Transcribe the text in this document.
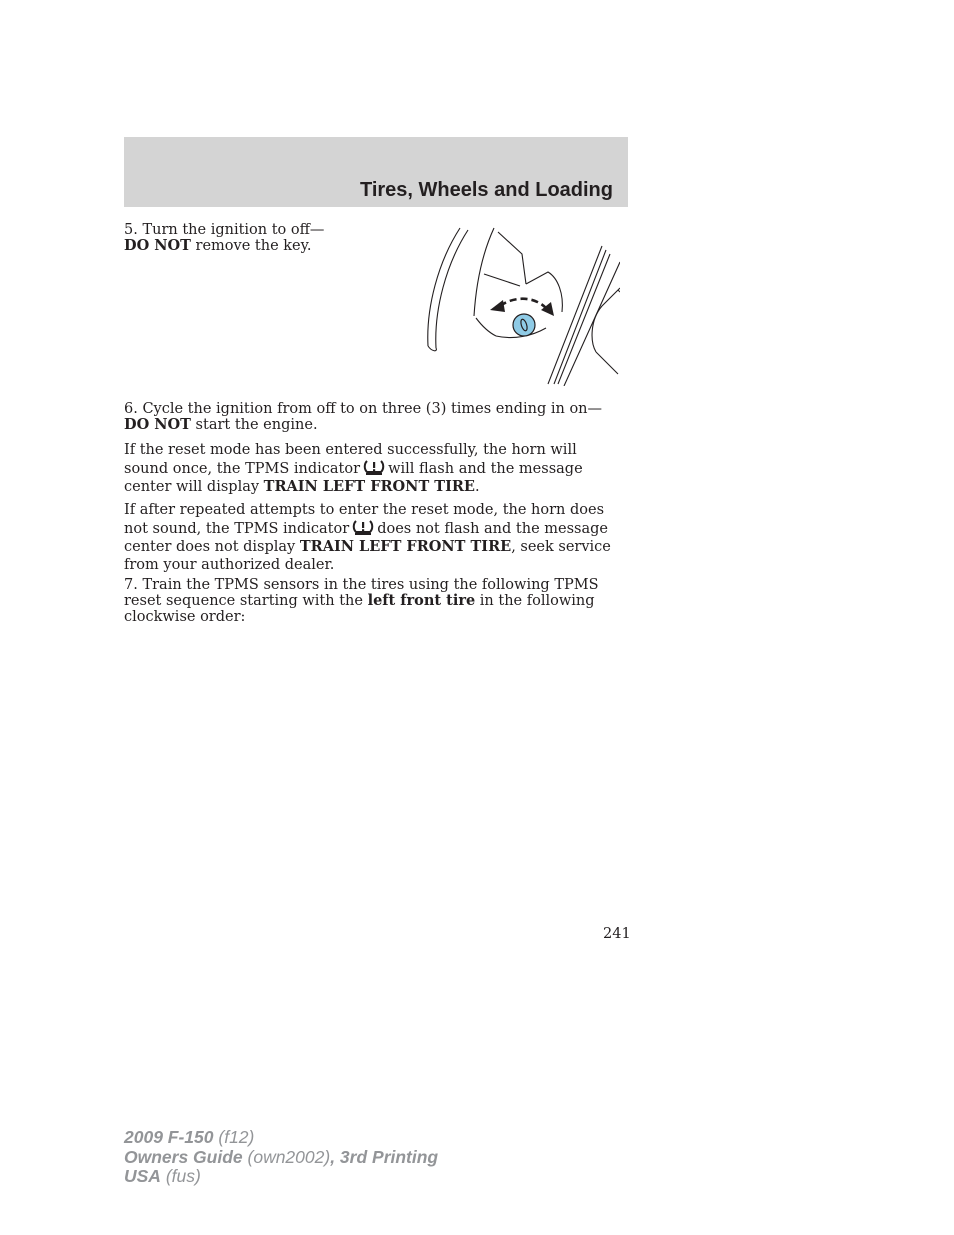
Tires, Wheels and Loading

5. Turn the ignition to off—DO NOT remove the key.

6. Cycle the ignition from off to on three (3) times ending in on—DO NOT start the engine.

If the reset mode has been entered successfully, the horn will sound once, the TPMS indicator will flash and the message center will display TRAIN LEFT FRONT TIRE.

If after repeated attempts to enter the reset mode, the horn does not sound, the TPMS indicator does not flash and the message center does not display TRAIN LEFT FRONT TIRE, seek service from your authorized dealer.

7. Train the TPMS sensors in the tires using the following TPMS reset sequence starting with the left front tire in the following clockwise order:

241
2009 F-150 (f12)
Owners Guide (own2002), 3rd Printing
USA (fus)
